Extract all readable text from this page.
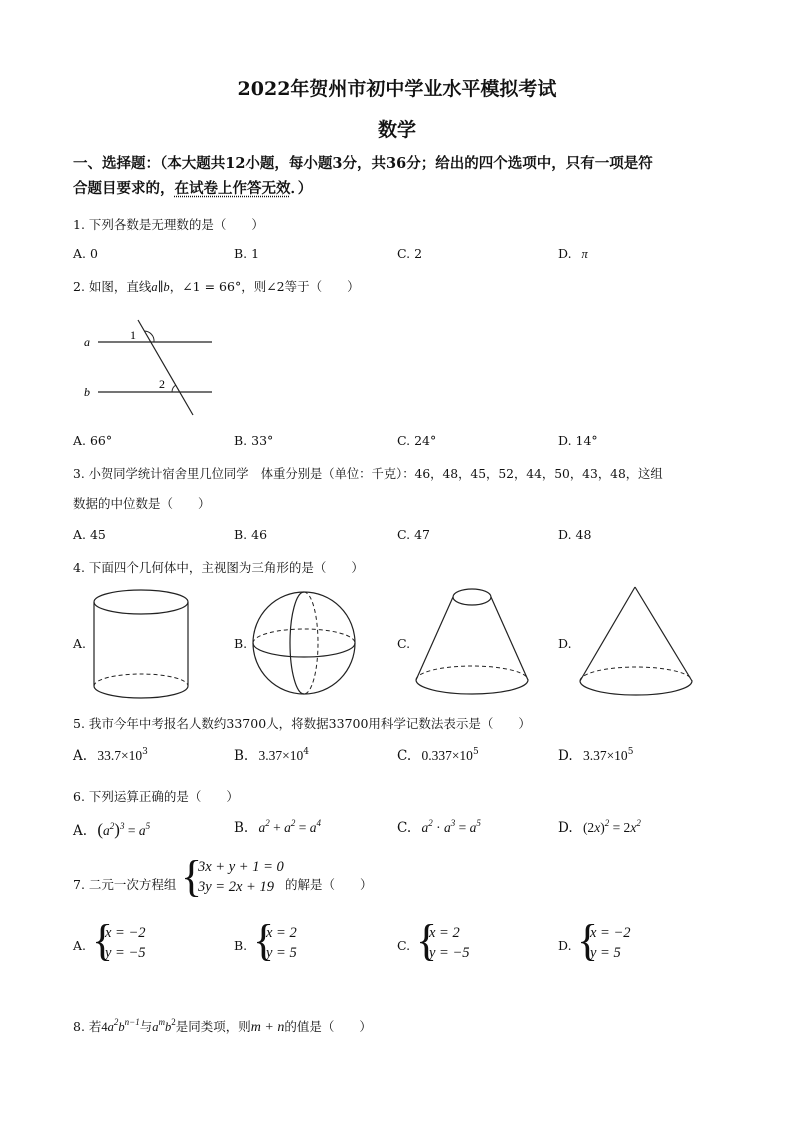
2022年贺州市初中学业水平模拟考试
数学
一、选择题：（本大题共12小题，每小题3分，共36分；给出的四个选项中，只有一项是符
合题目要求的，在试卷上作答无效．）
1. 下列各数是无理数的是（　　）
A. 0	B. 1	C. 2	D. π
2. 如图，直线a∥b，∠1 = 66°，则∠2等于（　　）
a
b
1
2
A. 66°	B. 33°	C. 24°	D. 14°
3. 小贺同学统计宿舍里几位同学　体重分别是（单位：千克）：46，48，45，52，44，50，43，48，这组
数据的中位数是（　　）
A. 45	B. 46	C. 47	D. 48
4. 下面四个几何体中，主视图为三角形的是（　　）
A.	B.	C.	D.
5. 我市今年中考报名人数约33700人，将数据33700用科学记数法表示是（　　）
A. $33.7\times 10^3$	B. $3.37\times 10^4$	C. $0.337\times 10^5$	D. $3.37\times 10^5$
6. 下列运算正确的是（　　）
A. $(a^2)^3 = a^5$	B. $a^2 + a^2 = a^4$	C. $a^2 \cdot a^3 = a^5$	D. $(2x)^2 = 2x^2$
7. 二元一次方程组 {
3x + y + 1 = 0
3y = 2x + 19 的解是（　　）
A. {
x = −2
y = −5	B. {
x = 2
y = 5	C. {
x = 2
y = −5	D. {
x = −2
y = 5
8. 若$4a^2b^{n-1}$与$a^mb^2$是同类项，则m + n的值是（　　）
